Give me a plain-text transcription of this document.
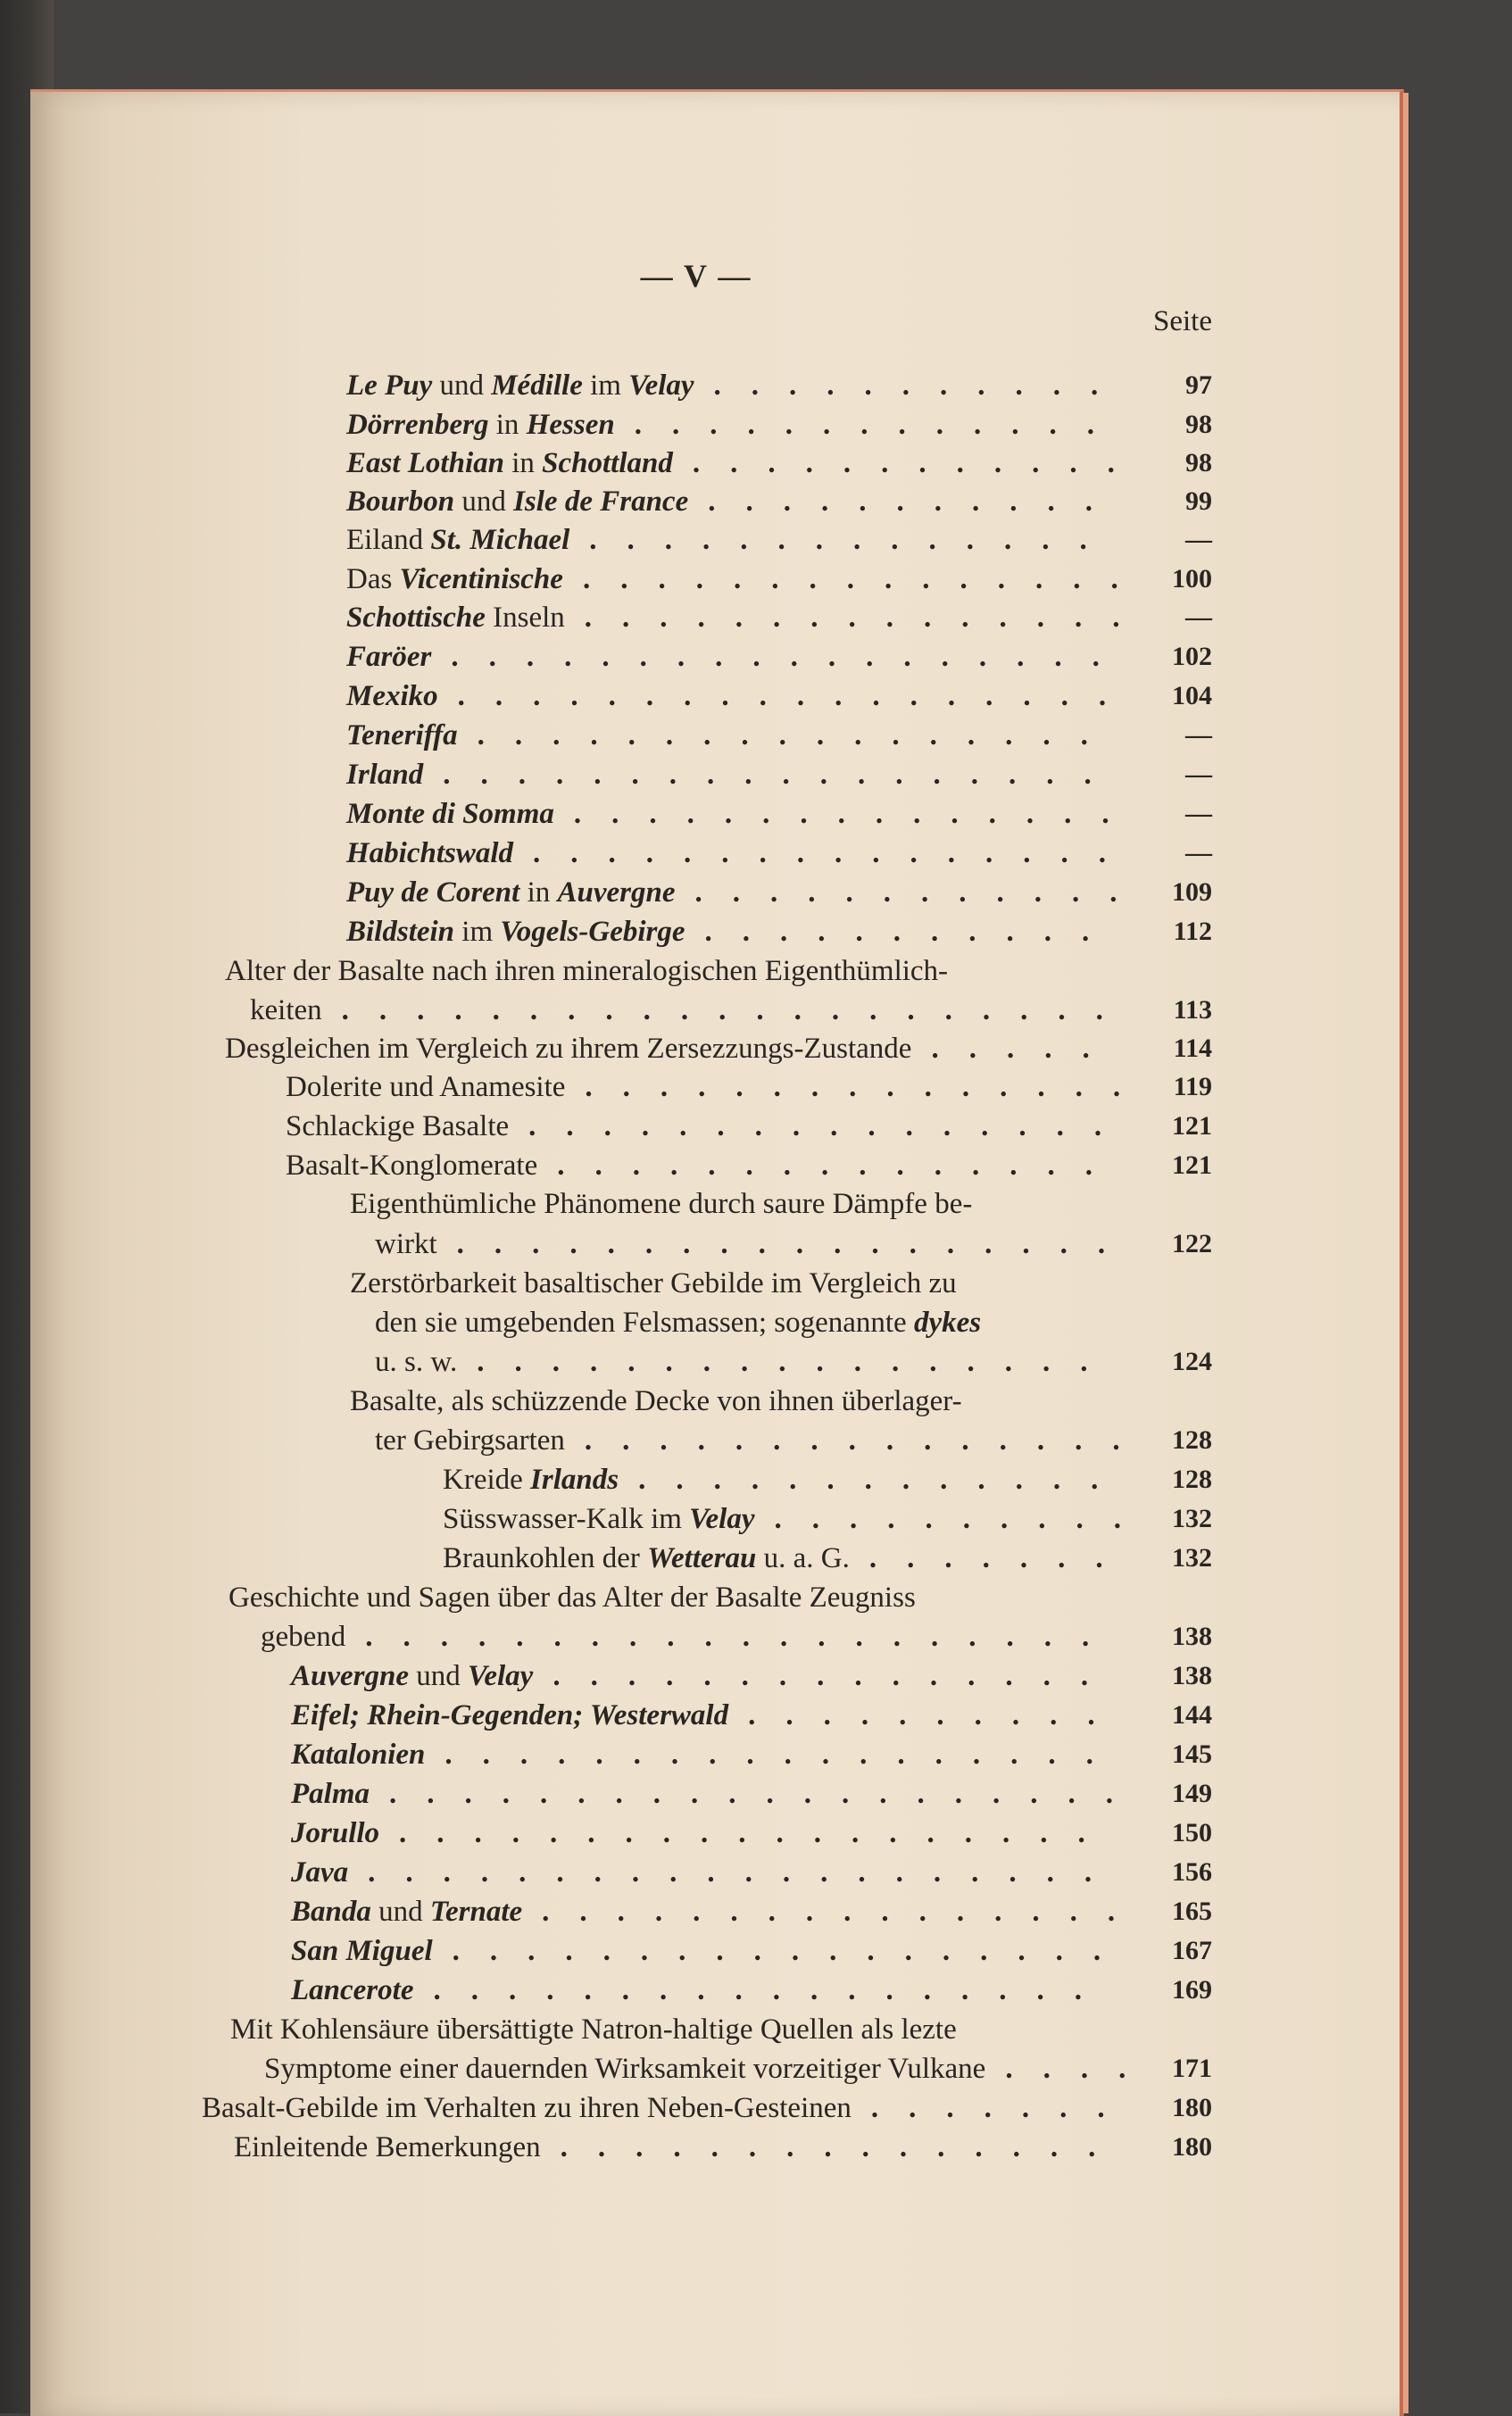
— V —
Seite
Le Puy und Médille im Velay	97
...........
Dörrenberg in Hessen	98
.............
East Lothian in Schottland	98
............
Bourbon und Isle de France	99
...........
Eiland St. Michael	—
..............
Das Vicentinische	100
...............
Schottische Inseln	—
...............
Faröer	102
..................
Mexiko	104
..................
Teneriffa	—
.................
Irland	—
..................
Monte di Somma	—
...............
Habichtswald	—
................
Puy de Corent in Auvergne	109
............
Bildstein im Vogels-Gebirge	112
...........
Alter der Basalte nach ihren mineralogischen Eigenthümlich-
keiten	113
.....................
Desgleichen im Vergleich zu ihrem Zersezzungs-Zustande	114
.....
Dolerite und Anamesite	119
...............
Schlackige Basalte	121
................
Basalt-Konglomerate	121
...............
Eigenthümliche Phänomene durch saure Dämpfe be-
wirkt	122
..................
Zerstörbarkeit basaltischer Gebilde im Vergleich zu
den sie umgebenden Felsmassen; sogenannte dykes
u. s. w.	124
.................
Basalte, als schüzzende Decke von ihnen überlager-
ter Gebirgsarten	128
...............
Kreide Irlands	128
.............
Süsswasser-Kalk im Velay	132
..........
Braunkohlen der Wetterau u. a. G.	132
.......
Geschichte und Sagen über das Alter der Basalte Zeugniss
gebend	138
....................
Auvergne und Velay	138
...............
Eifel; Rhein-Gegenden; Westerwald	144
..........
Katalonien	145
..................
Palma	149
....................
Jorullo	150
...................
Java	156
....................
Banda und Ternate	165
................
San Miguel	167
..................
Lancerote	169
..................
Mit Kohlensäure übersättigte Natron-haltige Quellen als lezte
Symptome einer dauernden Wirksamkeit vorzeitiger Vulkane	171
....
Basalt-Gebilde im Verhalten zu ihren Neben-Gesteinen	180
.......
Einleitende Bemerkungen	180
...............
